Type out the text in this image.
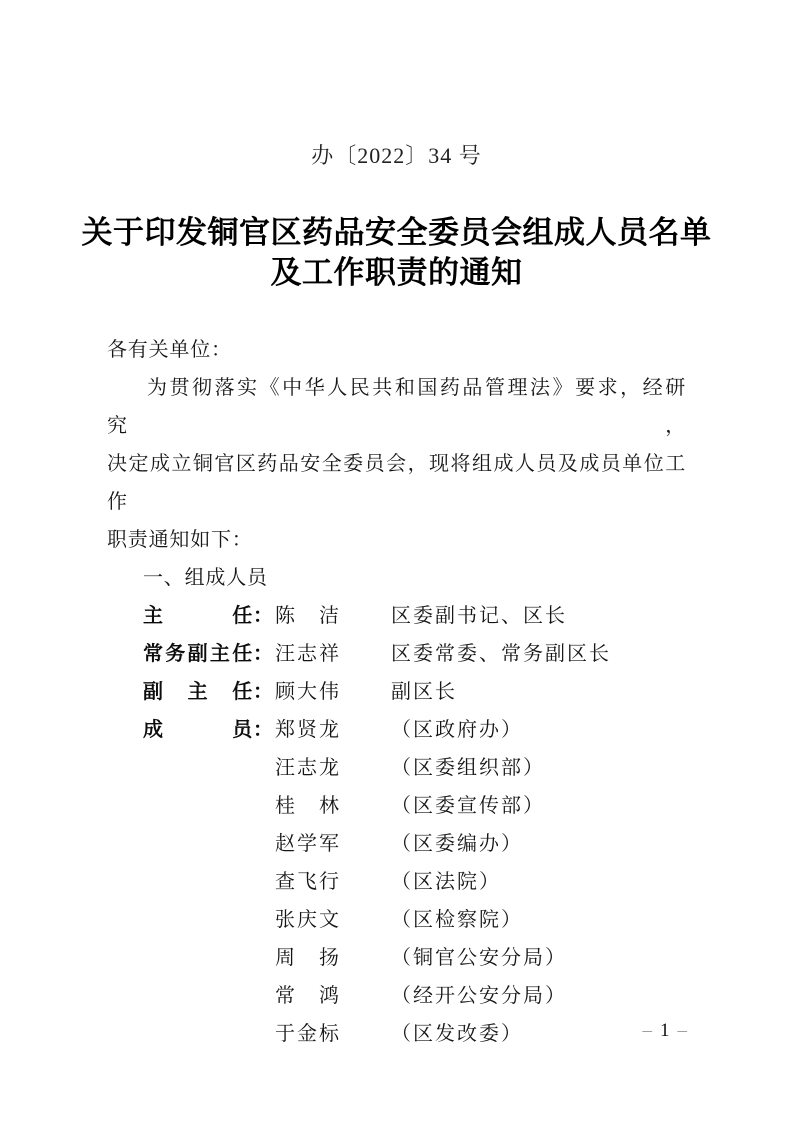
办〔2022〕34 号
关于印发铜官区药品安全委员会组成人员名单
及工作职责的通知
各有关单位：
为贯彻落实《中华人民共和国药品管理法》要求，经研究，
决定成立铜官区药品安全委员会，现将组成人员及成员单位工作
职责通知如下：
一、组成人员
主	任 ： 陈　洁	区委副书记、区长
常 务 副 主 任 ： 汪志祥	区委常委、常务副区长
副 主 任 ： 顾大伟	副区长
成	员 ： 郑贤龙	（区政府办）
汪志龙	（区委组织部）
桂　林	（区委宣传部）
赵学军	（区委编办）
查飞行	（区法院）
张庆文	（区检察院）
周　扬	（铜官公安分局）
常　鸿	（经开公安分局）
于金标	（区发改委）	– 1 –
